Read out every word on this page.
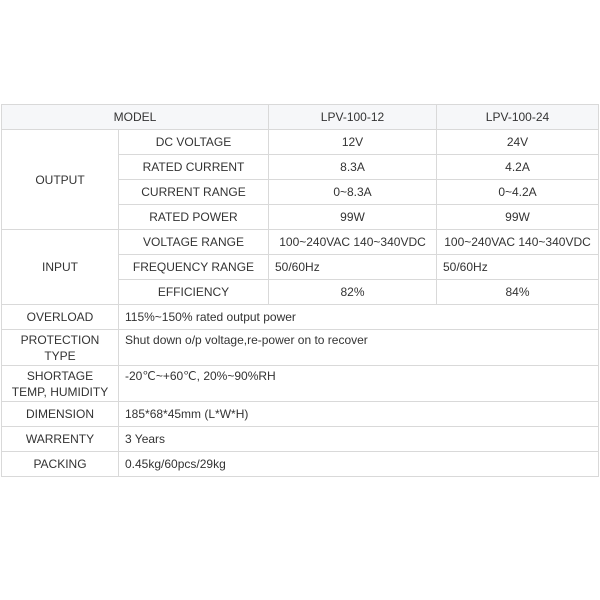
MODEL		LPV-100-12	LPV-100-24
OUTPUT	DC VOLTAGE	12V	24V
	RATED CURRENT	8.3A	4.2A
	CURRENT RANGE	0~8.3A	0~4.2A
	RATED POWER	99W	99W
INPUT	VOLTAGE RANGE	100~240VAC 140~340VDC	100~240VAC 140~340VDC
	FREQUENCY RANGE	50/60Hz	50/60Hz
	EFFICIENCY	82%	84%
OVERLOAD	115%~150% rated output power		
PROTECTION TYPE	Shut down o/p voltage,re-power on to recover		
SHORTAGE TEMP, HUMIDITY	-20℃~+60℃, 20%~90%RH		
DIMENSION	185*68*45mm (L*W*H)		
WARRENTY	3 Years		
PACKING	0.45kg/60pcs/29kg		
